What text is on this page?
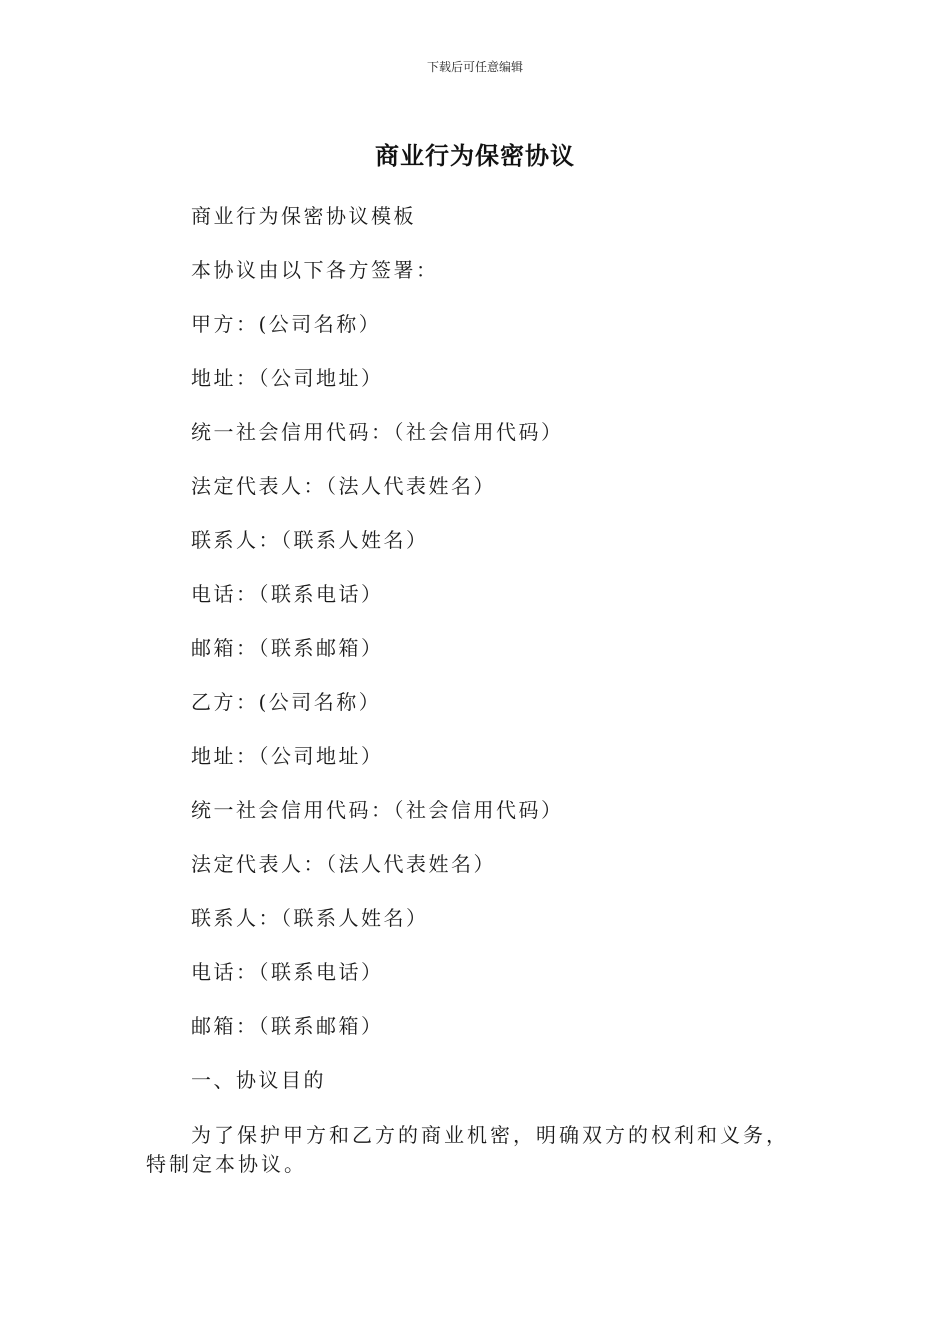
下载后可任意编辑
商业行为保密协议

商业行为保密协议模板

本协议由以下各方签署：

甲方：(公司名称）

地址：（公司地址）

统一社会信用代码：（社会信用代码）

法定代表人：（法人代表姓名）

联系人：（联系人姓名）

电话：（联系电话）

邮箱：（联系邮箱）

乙方：(公司名称）

地址：（公司地址）

统一社会信用代码：（社会信用代码）

法定代表人：（法人代表姓名）

联系人：（联系人姓名）

电话：（联系电话）

邮箱：（联系邮箱）

一、协议目的

为了保护甲方和乙方的商业机密，明确双方的权利和义务，特制定本协议。
